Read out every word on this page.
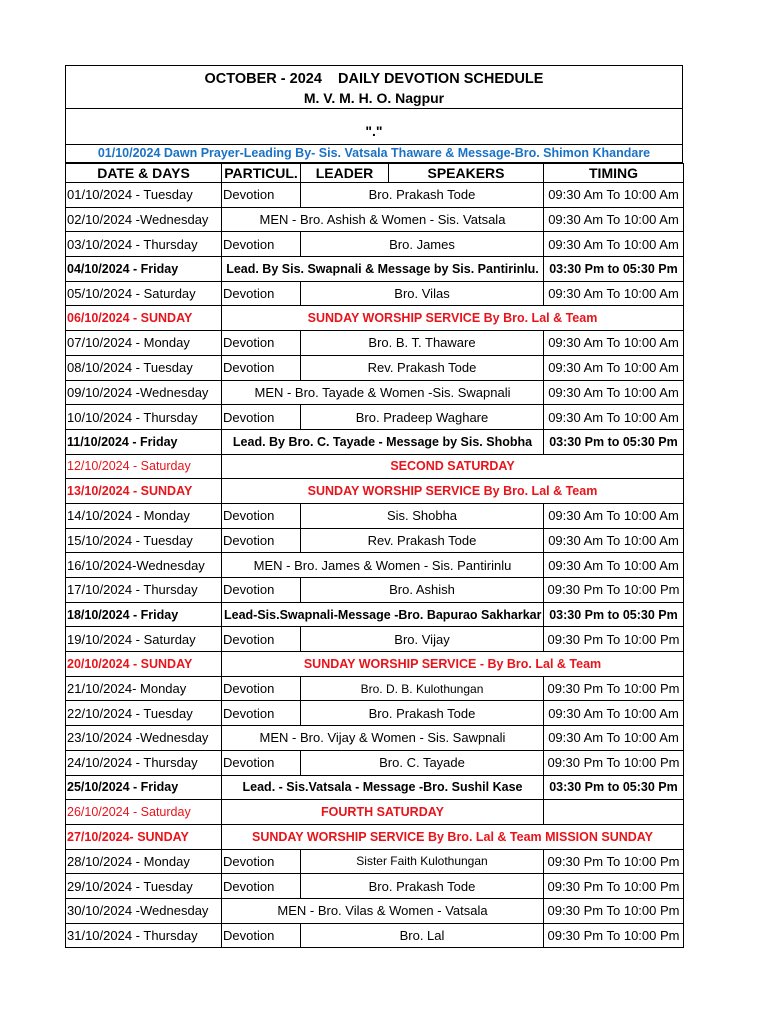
OCTOBER - 2024    DAILY DEVOTION SCHEDULE
M. V. M. H. O. Nagpur
"."
01/10/2024 Dawn Prayer-Leading By- Sis. Vatsala Thaware & Message-Bro. Shimon Khandare
DATE & DAYS	PARTICUL.	LEADER	SPEAKERS	TIMING
01/10/2024 - Tuesday	Devotion	Bro. Prakash Tode		09:30 Am To 10:00 Am
02/10/2024 -Wednesday	MEN - Bro. Ashish & Women - Sis. Vatsala			09:30 Am To 10:00 Am
03/10/2024 - Thursday	Devotion	Bro. James		09:30 Am To 10:00 Am
04/10/2024 - Friday	Lead. By Sis. Swapnali & Message by Sis. Pantirinlu.			03:30 Pm to 05:30 Pm
05/10/2024 - Saturday	Devotion	Bro. Vilas		09:30 Am To 10:00 Am
06/10/2024 - SUNDAY	SUNDAY WORSHIP SERVICE By Bro. Lal & Team			
07/10/2024 - Monday	Devotion	Bro. B. T. Thaware		09:30 Am To 10:00 Am
08/10/2024 - Tuesday	Devotion	Rev. Prakash Tode		09:30 Am To 10:00 Am
09/10/2024 -Wednesday	MEN - Bro. Tayade & Women -Sis. Swapnali			09:30 Am To 10:00 Am
10/10/2024 - Thursday	Devotion	Bro. Pradeep Waghare		09:30 Am To 10:00 Am
11/10/2024 - Friday	Lead. By Bro. C. Tayade - Message by Sis. Shobha			03:30 Pm to 05:30 Pm
12/10/2024 - Saturday	SECOND SATURDAY			
13/10/2024 - SUNDAY	SUNDAY WORSHIP SERVICE By Bro. Lal & Team			
14/10/2024 - Monday	Devotion	Sis. Shobha		09:30 Am To 10:00 Am
15/10/2024 - Tuesday	Devotion	Rev. Prakash Tode		09:30 Am To 10:00 Am
16/10/2024-Wednesday	MEN - Bro. James & Women - Sis. Pantirinlu			09:30 Am To 10:00 Am
17/10/2024 - Thursday	Devotion	Bro. Ashish		09:30 Pm To 10:00 Pm
18/10/2024 - Friday	Lead-Sis.Swapnali-Message -Bro. Bapurao Sakharkar			03:30 Pm to 05:30 Pm
19/10/2024 - Saturday	Devotion	Bro. Vijay		09:30 Pm To 10:00 Pm
20/10/2024 - SUNDAY	SUNDAY WORSHIP SERVICE - By Bro. Lal & Team			
21/10/2024- Monday	Devotion	Bro. D. B. Kulothungan		09:30 Pm To 10:00 Pm
22/10/2024 - Tuesday	Devotion	Bro. Prakash Tode		09:30 Am To 10:00 Am
23/10/2024 -Wednesday	MEN - Bro. Vijay & Women - Sis. Sawpnali			09:30 Am To 10:00 Am
24/10/2024 - Thursday	Devotion	Bro. C. Tayade		09:30 Pm To 10:00 Pm
25/10/2024 - Friday	Lead. - Sis.Vatsala - Message -Bro. Sushil Kase			03:30 Pm to 05:30 Pm
26/10/2024 - Saturday	FOURTH SATURDAY			
27/10/2024- SUNDAY	SUNDAY WORSHIP SERVICE By Bro. Lal & Team MISSION SUNDAY			
28/10/2024 - Monday	Devotion	Sister Faith Kulothungan		09:30 Pm To 10:00 Pm
29/10/2024 - Tuesday	Devotion	Bro. Prakash Tode		09:30 Pm To 10:00 Pm
30/10/2024 -Wednesday	MEN - Bro. Vilas & Women - Vatsala			09:30 Pm To 10:00 Pm
31/10/2024 - Thursday	Devotion	Bro. Lal		09:30 Pm To 10:00 Pm
